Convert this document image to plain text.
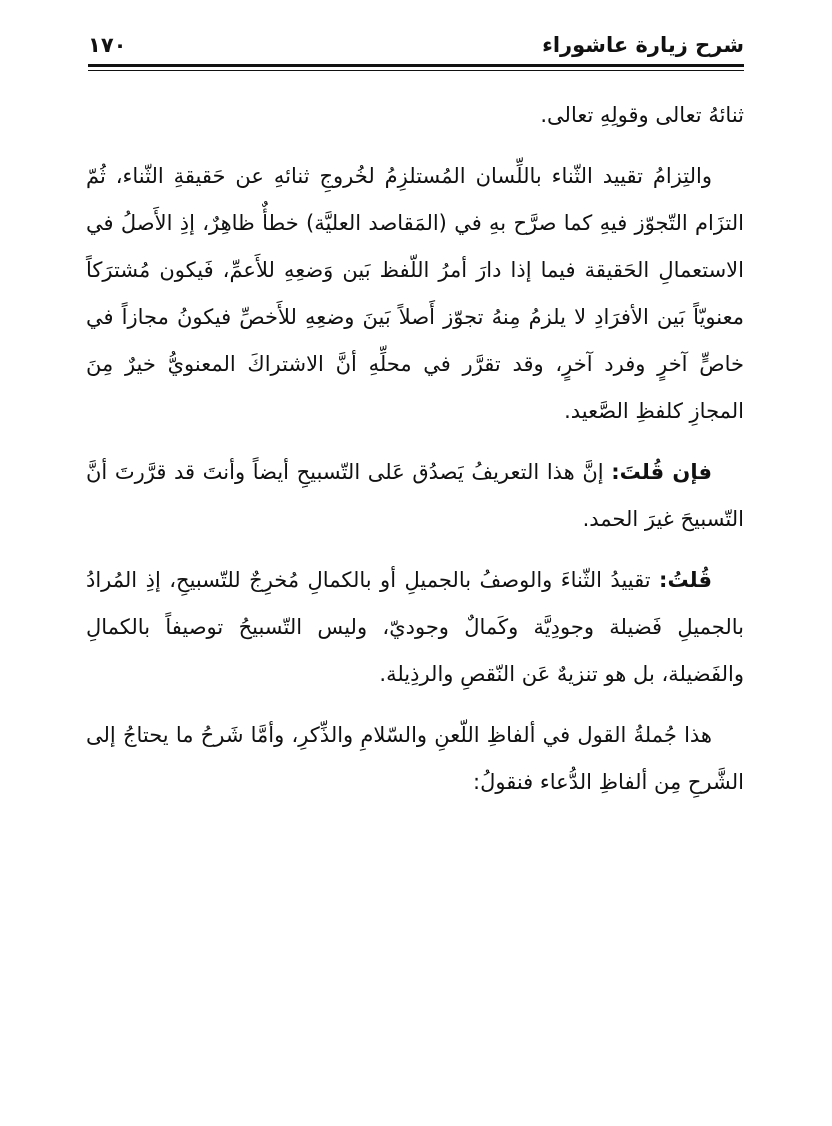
شرح زيارة عاشوراء
١٧٠

ثنائهُ تعالى وقولِهِ تعالى.

والتِزامُ تقييد الثّناء باللِّسان المُستلزِمُ لخُروجِ ثنائهِ عن حَقيقةِ الثّناء، ثُمّ التزَام التّجوّز فيهِ كما صرَّح بهِ في (المَقاصد العليَّة) خطأٌ ظاهِرٌ، إذِ الأَصلُ في الاستعمالِ الحَقيقة فيما إذا دارَ أمرُ اللّفظ بَين وَضعِهِ للأَعمِّ، فَيكون مُشترَكاً معنويّاً بَين الأفرَادِ لا يلزمُ مِنهُ تجوّز أَصلاً بَينَ وضعِهِ للأَخصِّ فيكونُ مجازاً في خاصٍّ آخرٍ وفرد آخرٍ، وقد تقرَّر في محلِّهِ أنَّ الاشتراكَ المعنويُّ خيرٌ مِنَ المجازِ كلفظِ الصَّعيد.

فإن قُلتَ: إنَّ هذا التعريفُ يَصدُق عَلى التّسبيحِ أيضاً وأنتَ قد قرَّرتَ أنَّ التّسبيحَ غيرَ الحمد.

قُلتُ: تقييدُ الثّناءَ والوصفُ بالجميلِ أو بالكمالِ مُخرِجٌ للتّسبيحِ، إذِ المُرادُ بالجميلِ فَضيلة وجودِيَّة وكَمالٌ وجوديّ، وليس التّسبيحُ توصيفاً بالكمالِ والفَضيلة، بل هو تنزيهٌ عَن النّقصِ والرذِيلة.

هذا جُملةُ القول في ألفاظِ اللّعنِ والسّلامِ والذِّكرِ، وأمَّا شَرحُ ما يحتاجُ إلى الشَّرحِ مِن ألفاظِ الدُّعاء فنقولُ:
